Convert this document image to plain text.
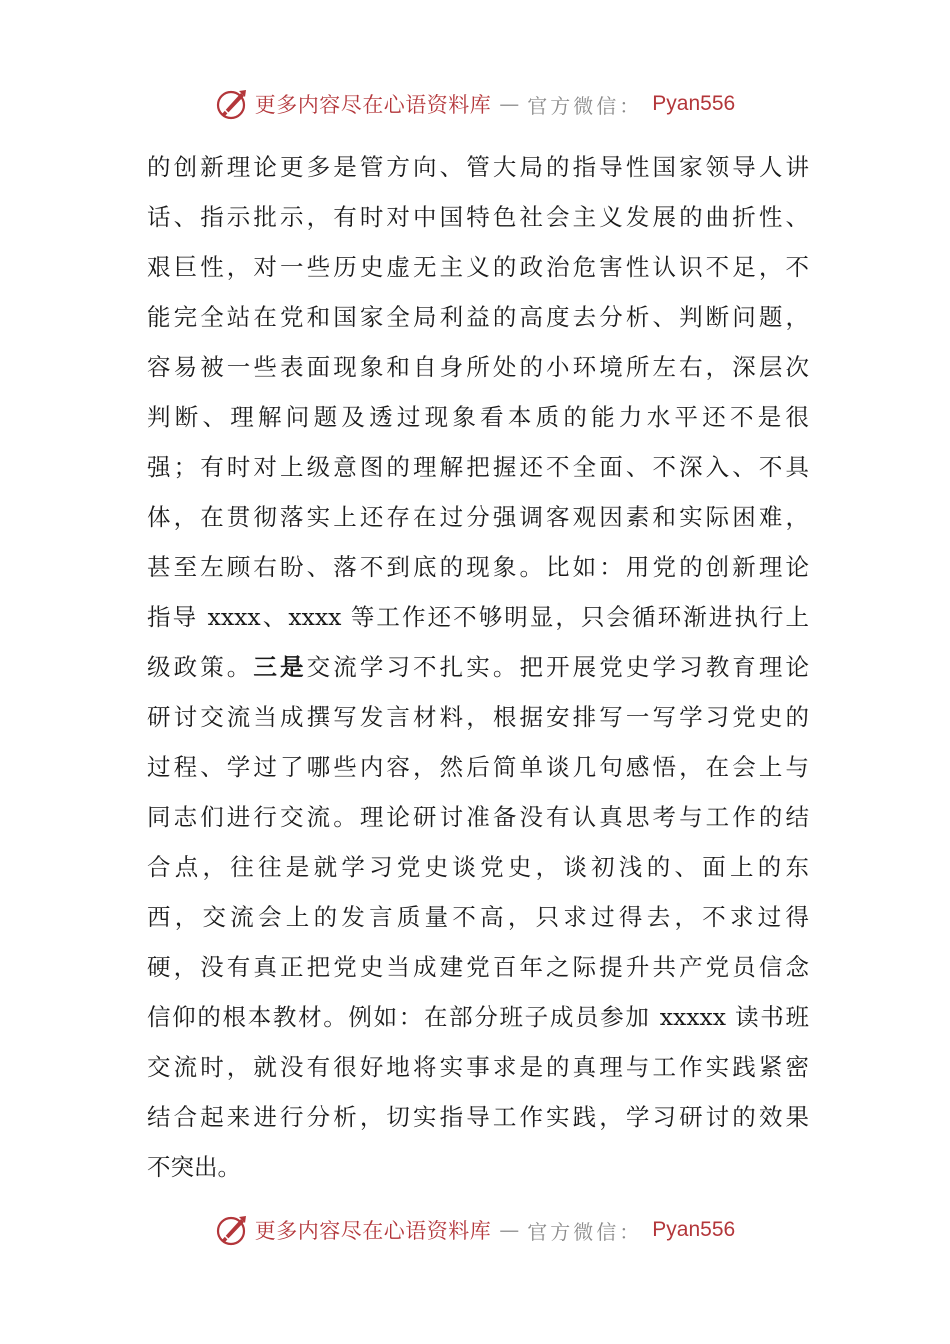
更多内容尽在心语资料库 — 官方微信： Pyan556
的创新理论更多是管方向、管大局的指导性国家领导人讲
话、指示批示，有时对中国特色社会主义发展的曲折性、
艰巨性，对一些历史虚无主义的政治危害性认识不足，不
能完全站在党和国家全局利益的高度去分析、判断问题，
容易被一些表面现象和自身所处的小环境所左右，深层次
判断、理解问题及透过现象看本质的能力水平还不是很
强；有时对上级意图的理解把握还不全面、不深入、不具
体，在贯彻落实上还存在过分强调客观因素和实际困难，
甚至左顾右盼、落不到底的现象。比如：用党的创新理论
指导 xxxx、xxxx 等工作还不够明显，只会循环渐进执行上
级政策。三是交流学习不扎实。把开展党史学习教育理论
研讨交流当成撰写发言材料，根据安排写一写学习党史的
过程、学过了哪些内容，然后简单谈几句感悟，在会上与
同志们进行交流。理论研讨准备没有认真思考与工作的结
合点，往往是就学习党史谈党史，谈初浅的、面上的东
西，交流会上的发言质量不高，只求过得去，不求过得
硬，没有真正把党史当成建党百年之际提升共产党员信念
信仰的根本教材。例如：在部分班子成员参加 xxxxx 读书班
交流时，就没有很好地将实事求是的真理与工作实践紧密
结合起来进行分析，切实指导工作实践，学习研讨的效果
不突出。
更多内容尽在心语资料库 — 官方微信： Pyan556
